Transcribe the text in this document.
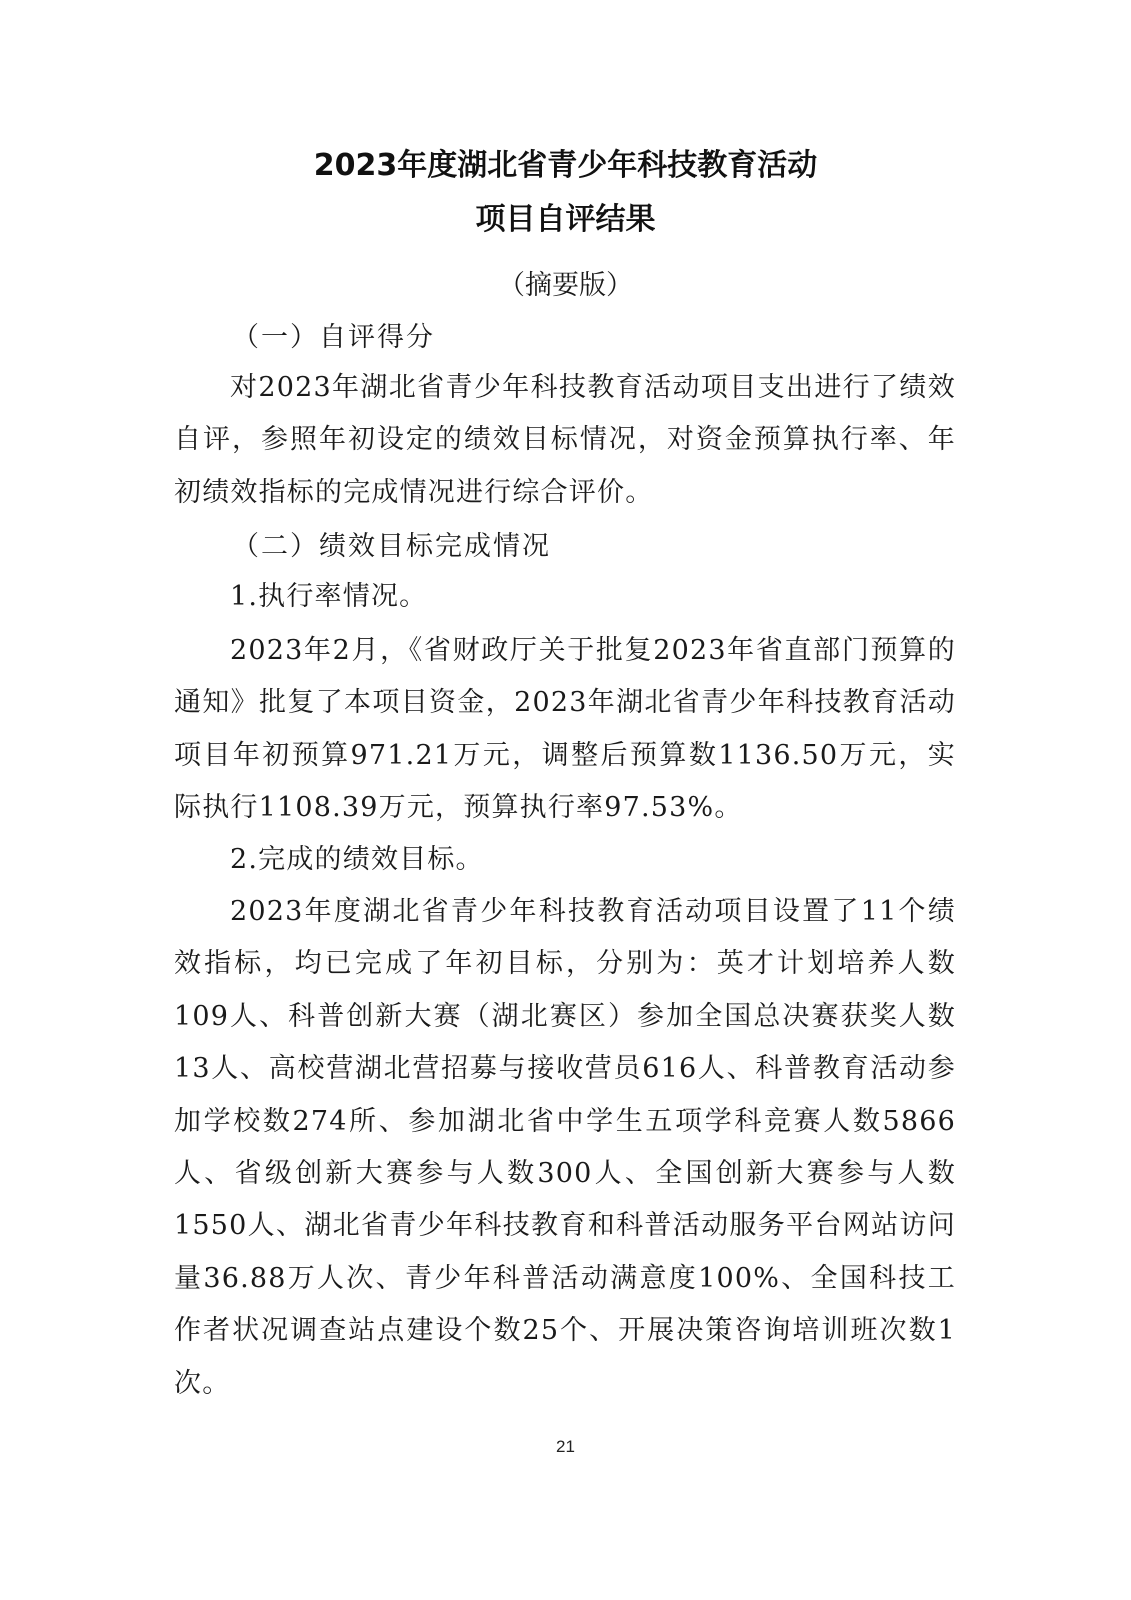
2023年度湖北省青少年科技教育活动
项目自评结果

（摘要版）

（一）自评得分

对2023年湖北省青少年科技教育活动项目支出进行了绩效自评，参照年初设定的绩效目标情况，对资金预算执行率、年初绩效指标的完成情况进行综合评价。

（二）绩效目标完成情况

1.执行率情况。

2023年2月，《省财政厅关于批复2023年省直部门预算的通知》批复了本项目资金，2023年湖北省青少年科技教育活动项目年初预算971.21万元，调整后预算数1136.50万元，实际执行1108.39万元，预算执行率97.53%。

2.完成的绩效目标。

2023年度湖北省青少年科技教育活动项目设置了11个绩效指标，均已完成了年初目标，分别为：英才计划培养人数109人、科普创新大赛（湖北赛区）参加全国总决赛获奖人数13人、高校营湖北营招募与接收营员616人、科普教育活动参加学校数274所、参加湖北省中学生五项学科竞赛人数5866人、省级创新大赛参与人数300人、全国创新大赛参与人数1550人、湖北省青少年科技教育和科普活动服务平台网站访问量36.88万人次、青少年科普活动满意度100%、全国科技工作者状况调查站点建设个数25个、开展决策咨询培训班次数1次。

21
